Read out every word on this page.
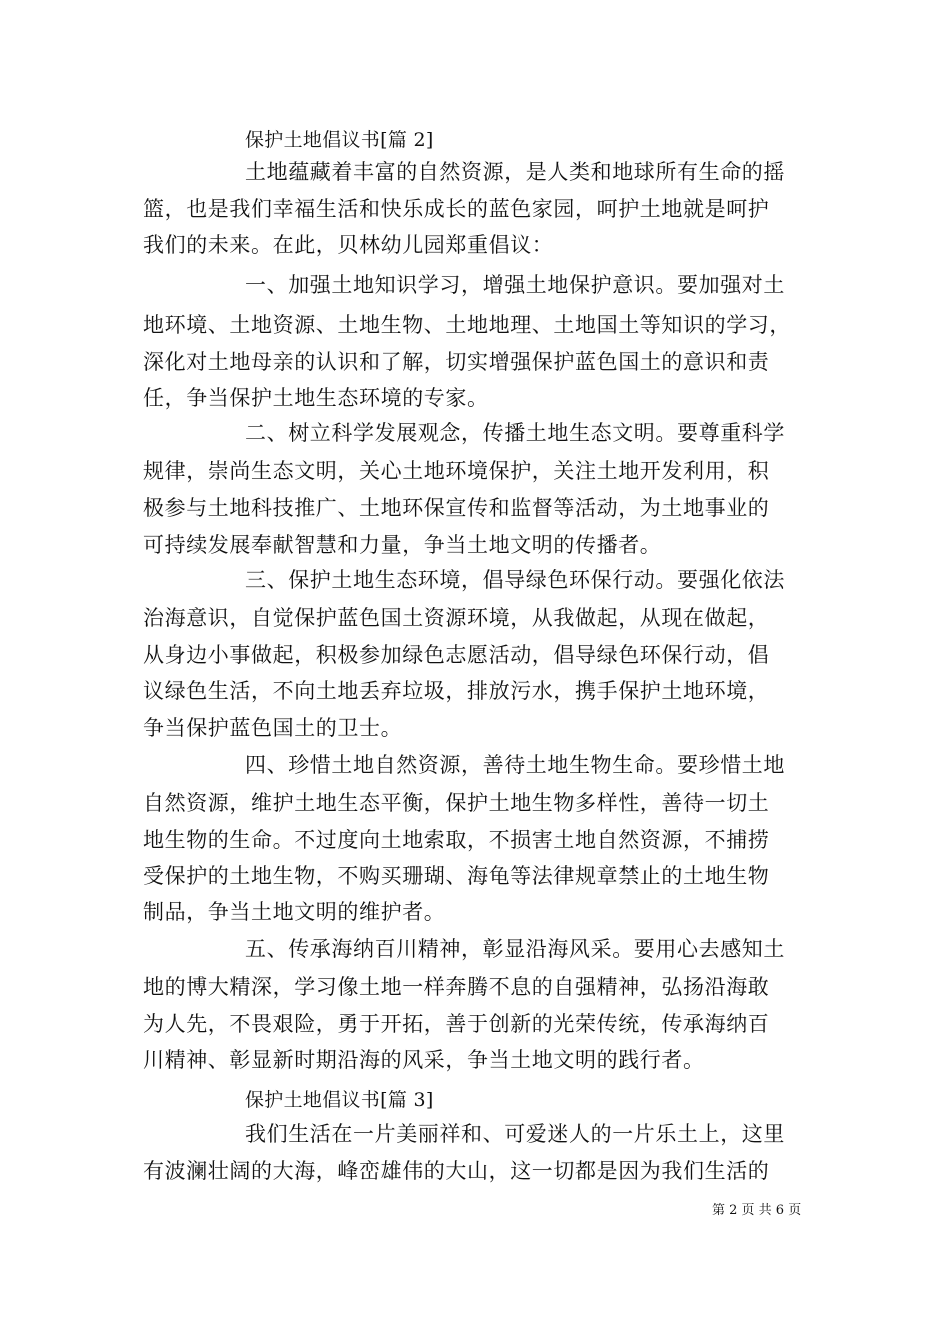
保护土地倡议书[篇 2]
土地蕴藏着丰富的自然资源，是人类和地球所有生命的摇
篮，也是我们幸福生活和快乐成长的蓝色家园，呵护土地就是呵护
我们的未来。在此，贝林幼儿园郑重倡议：
一、加强土地知识学习，增强土地保护意识。要加强对土
地环境、土地资源、土地生物、土地地理、土地国土等知识的学习，
深化对土地母亲的认识和了解，切实增强保护蓝色国土的意识和责
任，争当保护土地生态环境的专家。
二、树立科学发展观念，传播土地生态文明。要尊重科学
规律，崇尚生态文明，关心土地环境保护，关注土地开发利用，积
极参与土地科技推广、土地环保宣传和监督等活动，为土地事业的
可持续发展奉献智慧和力量，争当土地文明的传播者。
三、保护土地生态环境，倡导绿色环保行动。要强化依法
治海意识，自觉保护蓝色国土资源环境，从我做起，从现在做起，
从身边小事做起，积极参加绿色志愿活动，倡导绿色环保行动，倡
议绿色生活，不向土地丢弃垃圾，排放污水，携手保护土地环境，
争当保护蓝色国土的卫士。
四、珍惜土地自然资源，善待土地生物生命。要珍惜土地
自然资源，维护土地生态平衡，保护土地生物多样性，善待一切土
地生物的生命。不过度向土地索取，不损害土地自然资源，不捕捞
受保护的土地生物，不购买珊瑚、海龟等法律规章禁止的土地生物
制品，争当土地文明的维护者。
五、传承海纳百川精神，彰显沿海风采。要用心去感知土
地的博大精深，学习像土地一样奔腾不息的自强精神，弘扬沿海敢
为人先，不畏艰险，勇于开拓，善于创新的光荣传统，传承海纳百
川精神、彰显新时期沿海的风采，争当土地文明的践行者。
保护土地倡议书[篇 3]
我们生活在一片美丽祥和、可爱迷人的一片乐土上，这里
有波澜壮阔的大海，峰峦雄伟的大山，这一切都是因为我们生活的
第 2 页 共 6 页
